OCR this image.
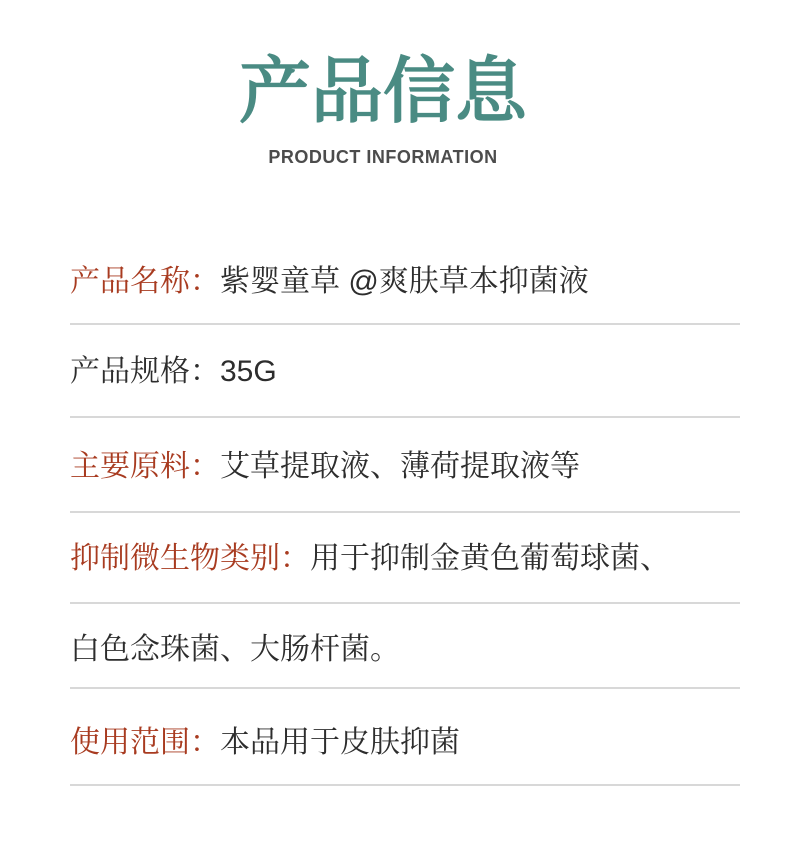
产品信息
PRODUCT INFORMATION
产品名称：紫婴童草 @爽肤草本抑菌液
产品规格：35G
主要原料：艾草提取液、薄荷提取液等
抑制微生物类别：用于抑制金黄色葡萄球菌、
白色念珠菌、大肠杆菌。
使用范围：本品用于皮肤抑菌
